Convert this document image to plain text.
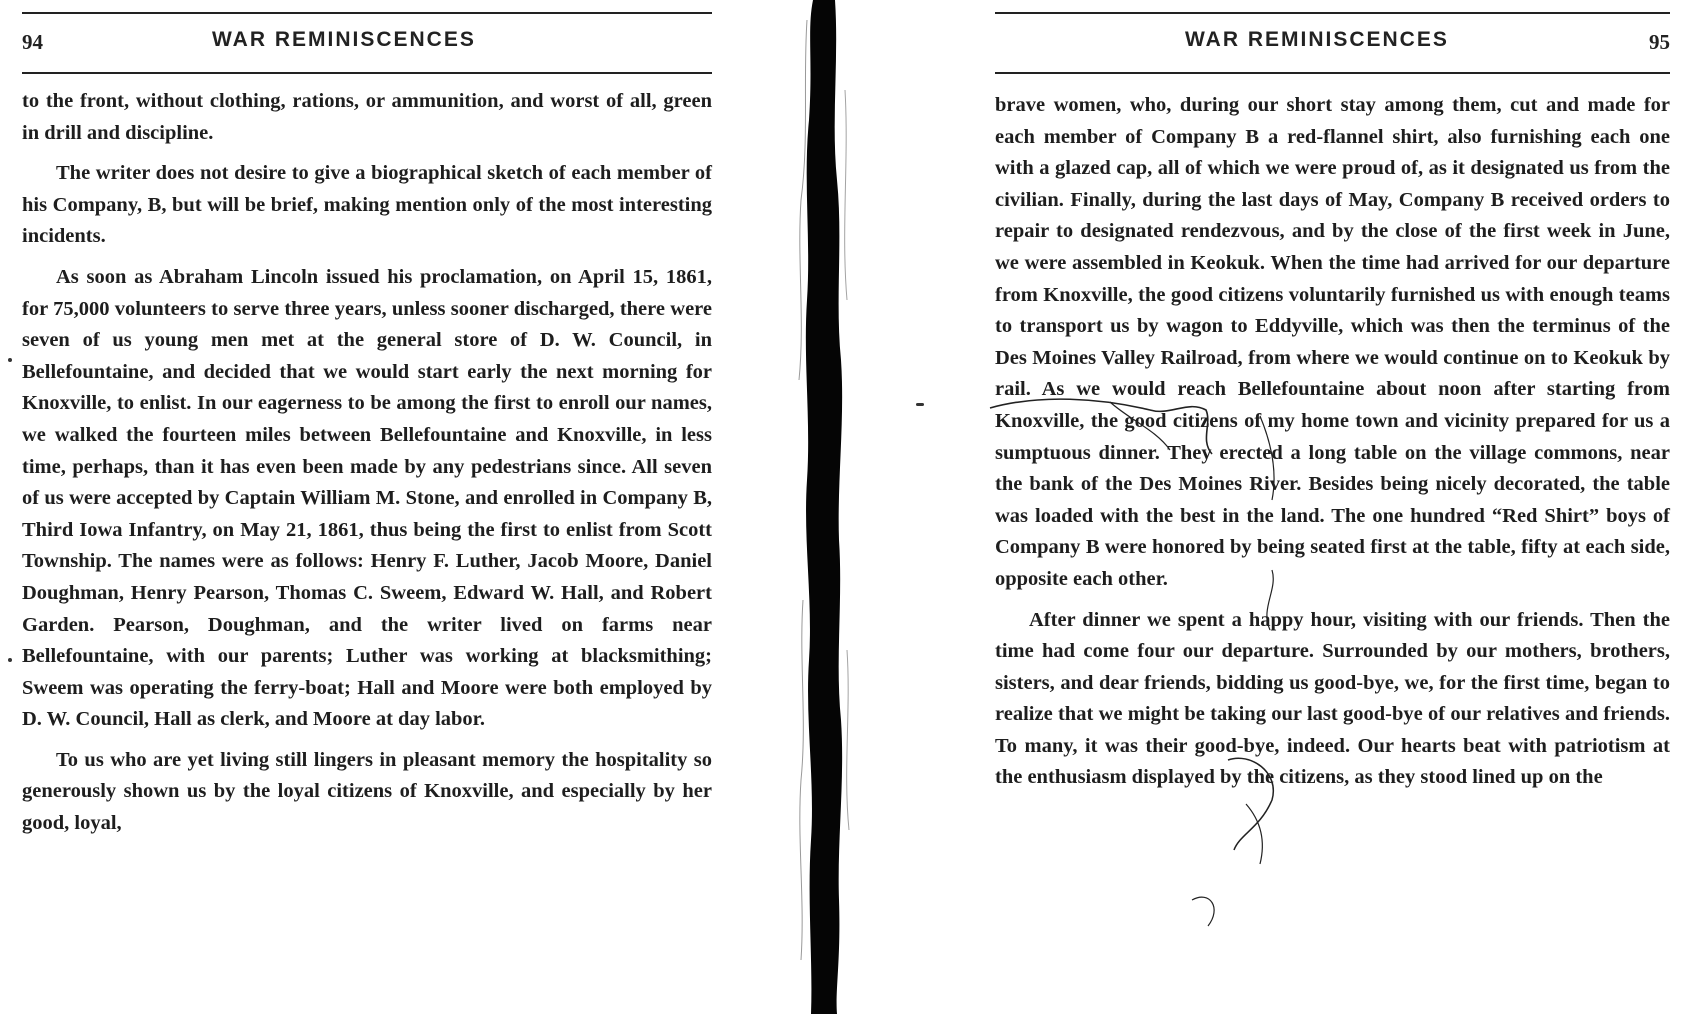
94	WAR REMINISCENCES

to the front, without clothing, rations, or ammunition, and worst of all, green in drill and discipline.

The writer does not desire to give a biographical sketch of each member of his Company, B, but will be brief, making mention only of the most interesting incidents.

As soon as Abraham Lincoln issued his proclamation, on April 15, 1861, for 75,000 volunteers to serve three years, unless sooner discharged, there were seven of us young men met at the general store of D. W. Council, in Bellefountaine, and decided that we would start early the next morning for Knoxville, to enlist. In our eagerness to be among the first to enroll our names, we walked the fourteen miles between Bellefountaine and Knoxville, in less time, perhaps, than it has even been made by any pedestrians since. All seven of us were accepted by Captain William M. Stone, and enrolled in Company B, Third Iowa Infantry, on May 21, 1861, thus being the first to enlist from Scott Township. The names were as follows: Henry F. Luther, Jacob Moore, Daniel Doughman, Henry Pearson, Thomas C. Sweem, Edward W. Hall, and Robert Garden. Pearson, Doughman, and the writer lived on farms near Bellefountaine, with our parents; Luther was working at blacksmithing; Sweem was operating the ferry-boat; Hall and Moore were both employed by D. W. Council, Hall as clerk, and Moore at day labor.

To us who are yet living still lingers in pleasant memory the hospitality so generously shown us by the loyal citizens of Knoxville, and especially by her good, loyal,

WAR REMINISCENCES	95

brave women, who, during our short stay among them, cut and made for each member of Company B a red-flannel shirt, also furnishing each one with a glazed cap, all of which we were proud of, as it designated us from the civilian. Finally, during the last days of May, Company B received orders to repair to designated rendezvous, and by the close of the first week in June, we were assembled in Keokuk. When the time had arrived for our departure from Knoxville, the good citizens voluntarily furnished us with enough teams to transport us by wagon to Eddyville, which was then the terminus of the Des Moines Valley Railroad, from where we would continue on to Keokuk by rail. As we would reach Bellefountaine about noon after starting from Knoxville, the good citizens of my home town and vicinity prepared for us a sumptuous dinner. They erected a long table on the village commons, near the bank of the Des Moines River. Besides being nicely decorated, the table was loaded with the best in the land. The one hundred “Red Shirt” boys of Company B were honored by being seated first at the table, fifty at each side, opposite each other.

After dinner we spent a happy hour, visiting with our friends. Then the time had come four our departure. Surrounded by our mothers, brothers, sisters, and dear friends, bidding us good-bye, we, for the first time, began to realize that we might be taking our last good-bye of our relatives and friends. To many, it was their good-bye, indeed. Our hearts beat with patriotism at the enthusiasm displayed by the citizens, as they stood lined up on the
